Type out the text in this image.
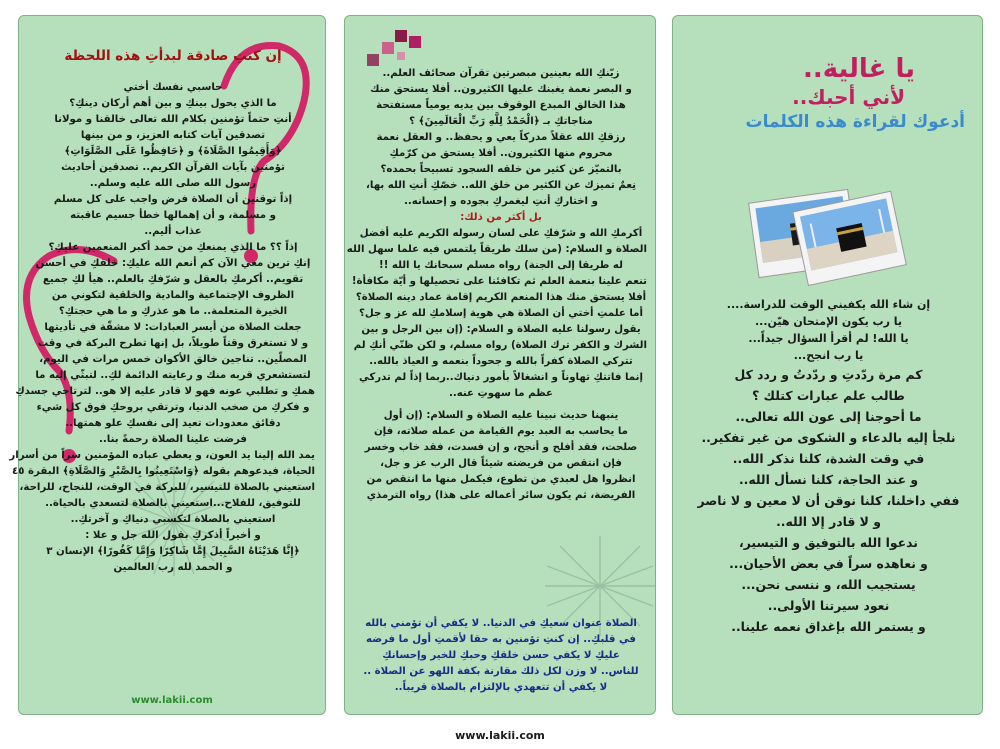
إن كنتِ صادقة لبدأتِ هذه اللحظة
حاسبي نفسك أختي
ما الذي يحول بينكِ و بين أهم أركان دينكِ؟
أنتِ حتماً تؤمنين بكلام الله تعالى خالقنا و مولانا
تصدقين آيات كتابه العزيز، و من بينها
﴿وَأَقِيمُوا الصَّلَاةَ﴾ و ﴿حَافِظُوا عَلَى الصَّلَوَاتِ﴾
تؤمنين بآيات القرآن الكريم.. تصدقين أحاديث
رسول الله صلى الله عليه وسلم..
إذاً توقنين أن الصلاة فرض واجب على كل مسلم
و مسلمة، و أن إهمالها خطأ جسيم عاقبته
عذاب أليم..
إذاً ؟؟ ما الذي يمنعكِ من حمد أكبر المنعمين عليكِ؟
إنكِ ترين معي الآن كم أنعم الله عليكِ: خلقكِ في أحسن
تقويم.. أكرمكِ بالعقل و شرّفكِ بالعلم.. هيأ لكِ جميع
الظروف الإجتماعية والمادية والخلقية لتكوني من
الخيرة المتعلمة.. ما هو عذركِ و ما هي حجتكِ؟
جعلت الصلاة من أيسر العبادات: لا مشقّة في تأديتها
و لا تستغرق وقتاً طويلاً، بل إنها تطرح البركة في وقت
المصلّين.. تناجين خالق الأكوان خمس مرات في اليوم،
لتستشعري قربه منك و رعايته الدائمة لكِ.. لتبثّي إليه ما
همكِ و تطلبي عونه فهو لا قادر عليه إلا هو.. لترتاحي جسدكِ
و فكركِ من صخب الدنيا، وترتقي بروحكِ فوق كل شيء
دقائق معدودات تعيد إلى نفسكِ علو همتها..
فرضت علينا الصلاة رحمةً بنا..
يمد الله إلينا يد العون، و يعطي عباده المؤمنين سراً من أسرار
الحياة، فيدعوهم بقوله ﴿وَاسْتَعِينُوا بِالصَّبْرِ وَالصَّلَاةِ﴾ البقرة ٤٥
استعيني بالصلاة للتيسير، للبركة في الوقت، للنجاح، للراحة،
للتوفيق، للفلاح...استعيني بالصلاة لتسعدي بالحياة..
استعيني بالصلاة لتكسبي دنياكِ و آخرتكِ..
و أخيراً أذكركِ بقول الله جل و علا :
﴿إِنَّا هَدَيْنَاهُ السَّبِيلَ إِمَّا شَاكِرًا وَإِمَّا كَفُورًا﴾ الإنسان ٣
و الحمد لله رب العالمين
www.lakii.com
زيّنكِ الله بعينين مبصرتين تقرآن صحائف العلم..
و البصر نعمة يغبنك عليها الكثيرون.. أفلا يستحق منك
هذا الخالق المبدع الوقوف بين يديه يومياً مستفتحة
مناجاتكِ بـ ﴿الْحَمْدُ لِلَّهِ رَبِّ الْعَالَمِينَ﴾ ؟
رزقكِ الله عقلاً مدركاً يعي و يحفظ.. و العقل نعمة
محروم منها الكثيرون.. أفلا يستحق من كرّمكِ
بالتميّز عن كثير من خلقه السجود تسبيحاً بحمده؟
نِعمٌ تميزك عن الكثير من خلق الله.. خصّكِ أنتِ الله بها،
و اختاركِ أنتِ ليغمركِ بجوده و إحسانه..
بل أكثر من ذلك:
أكرمكِ الله و شرّفكِ على لسان رسوله الكريم عليه أفضل
الصلاة و السلام: (من سلك طريقاً يلتمس فيه علما سهل الله
له طريقا إلى الجنة) رواه مسلم سبحانك يا الله !!
تنعم علينا بنعمة العلم ثم تكافئنا على تحصيلها و أيّة مكافأة!
أفلا يستحق منك هذا المنعم الكريم إقامة عماد دينه الصلاة؟
أما علمتِ أختي أن الصلاة هي هوية إسلامكِ لله عز و جل؟
يقول رسولنا عليه الصلاة و السلام: (إن بين الرجل و بين
الشرك و الكفر ترك الصلاة) رواه مسلم، و لكن ظنّي أنكِ لم
تتركي الصلاة كفراً بالله و جحوداً بنعمه و العياذ بالله..
إنما فاتتكِ تهاوناً و انشغالاً بأمور دنياك..ربما إذاً لم تدركي
عظم ما سهوتِ عنه..
ينبهنا حديث نبينا عليه الصلاة و السلام: (إن أول
ما يحاسب به العبد يوم القيامة من عمله صلاته، فإن
صلحت، فقد أفلح و أنجح، و إن فسدت، فقد خاب وخسر
فإن انتقص من فريضته شيئاً قال الرب عز و جل،
انظروا هل لعبدي من تطوع، فيكمل منها ما انتقص من
الفريضة، ثم يكون سائر أعماله على هذا) رواه الترمذي
الصلاة عنوان سعيكِ في الدنيا.. لا يكفي أن تؤمني بالله
في قلبكِ.. إن كنتِ تؤمنين به حقا لأقمتِ أول ما فرضه
عليكِ لا يكفي حسن خلقكِ وحبكِ للخير وإحسانكِ
للناس.. لا وزن لكل ذلك مقارنة بكفة اللهو عن الصلاة ..
لا يكفي أن تتعهدي بالإلتزام بالصلاة قريباً..
يا غالية..
لأني أحبك..
أدعوك لقراءة هذه الكلمات
إن شاء الله يكفيني الوقت للدراسة....
يا رب يكون الإمتحان هيّن...
يا الله! لم أقرأ السؤال جيداً...
يا رب انجح...
كم مرة ردّدتِ و ردّدتُ و ردد كل
طالب علم عبارات كتلك ؟
ما أحوجنا إلى عون الله تعالى..
نلجأ إليه بالدعاء و الشكوى من غير تفكير..
في وقت الشدة، كلنا نذكر الله..
و عند الحاجة، كلنا نسأل الله..
ففي داخلنا، كلنا نوقن أن لا معين و لا ناصر
و لا قادر إلا الله..
ندعوا الله بالتوفيق و التيسير،
و نعاهده سراً في بعض الأحيان...
يستجيب الله، و ننسى نحن...
نعود سيرتنا الأولى..
و يستمر الله بإغداق نعمه علينا..
www.lakii.com
